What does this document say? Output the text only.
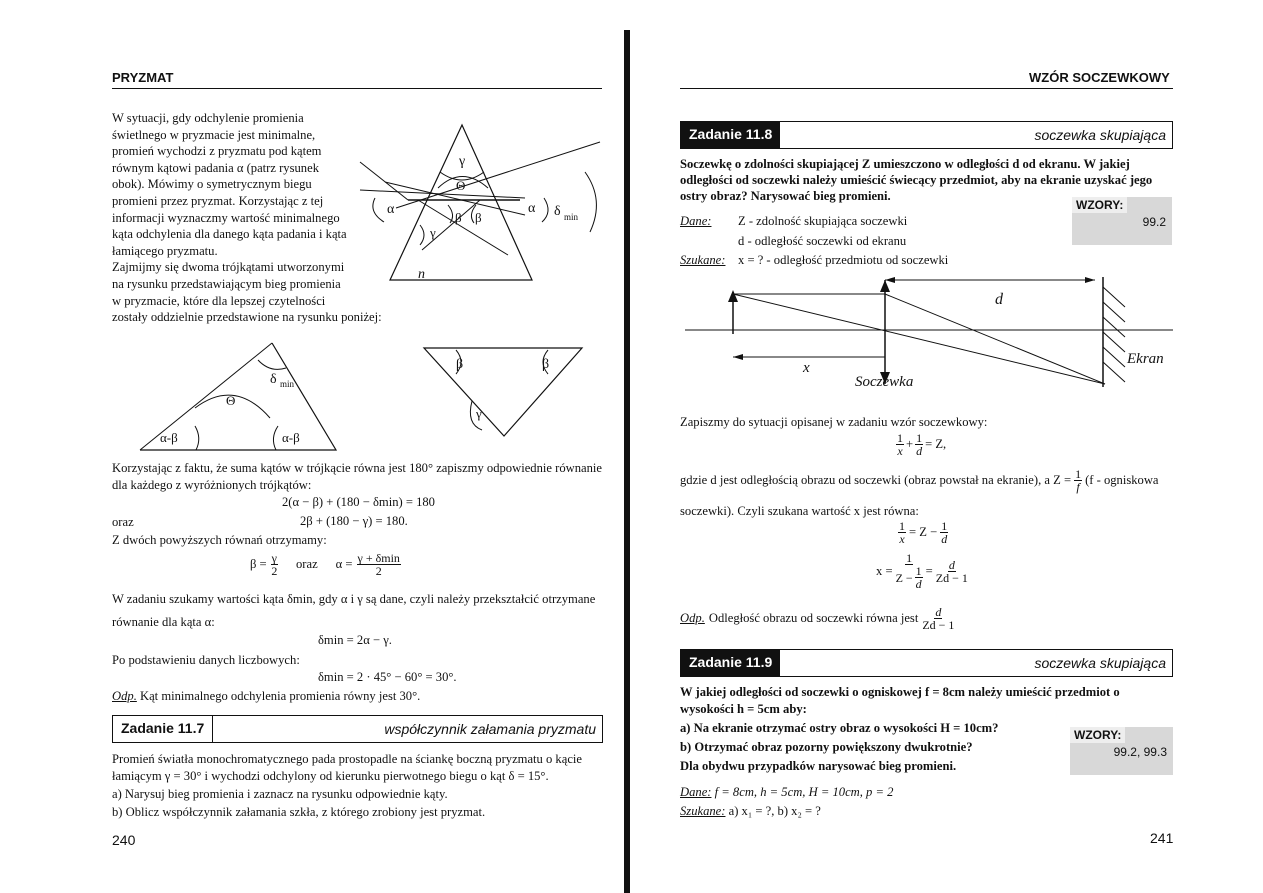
PRYZMAT
W sytuacji, gdy odchylenie promienia
świetlnego w pryzmacie jest minimalne,
promień wychodzi z pryzmatu pod kątem
równym kątowi padania α (patrz rysunek
obok). Mówimy o symetrycznym biegu
promieni przez pryzmat. Korzystając z tej
informacji wyznaczmy wartość minimalnego
kąta odchylenia dla danego kąta padania i kąta
łamiącego pryzmatu.
Zajmijmy się dwoma trójkątami utworzonymi
na rysunku przedstawiającym bieg promienia
w pryzmacie, które dla lepszej czytelności
zostały oddzielnie przedstawione na rysunku poniżej:
γ
Θ
α	α
β β
γ
δ min
n
δ min
Θ
α-β	α-β
β	β
γ
Korzystając z faktu, że suma kątów w trójkącie równa jest 180° zapiszmy odpowiednie równanie dla każdego z wyróżnionych trójkątów:
2(α − β) + (180 − δmin) = 180
oraz	2β + (180 − γ) = 180.
Z dwóch powyższych równań otrzymamy:
$\beta = \frac{\gamma}{2}$ oraz $\alpha = \frac{\gamma + \delta\min}{2}$
W zadaniu szukamy wartości kąta δmin, gdy α i γ są dane, czyli należy przekształcić otrzymane
równanie dla kąta α:
δmin = 2α − γ.
Po podstawieniu danych liczbowych:
δmin = 2 · 45° − 60° = 30°.
Odp. Kąt minimalnego odchylenia promienia równy jest 30°.
Zadanie 11.7	współczynnik załamania pryzmatu
Promień światła monochromatycznego pada prostopadle na ściankę boczną pryzmatu o kącie
łamiącym γ = 30° i wychodzi odchylony od kierunku pierwotnego biegu o kąt δ = 15°.
a) Narysuj bieg promienia i zaznacz na rysunku odpowiednie kąty.
b) Oblicz współczynnik załamania szkła, z którego zrobiony jest pryzmat.
240
WZÓR SOCZEWKOWY
Zadanie 11.8	soczewka skupiająca
Soczewkę o zdolności skupiającej Z umieszczono w odległości d od ekranu. W jakiej
odległości od soczewki należy umieścić świecący przedmiot, aby na ekranie uzyskać jego
ostry obraz? Narysować bieg promieni.
WZORY:
99.2
Dane: Z - zdolność skupiająca soczewki
d - odległość soczewki od ekranu
Szukane: x = ? - odległość przedmiotu od soczewki
d
x
Soczewka
Ekran
Zapiszmy do sytuacji opisanej w zadaniu wzór soczewkowy:
$\frac{1}{x} + \frac{1}{d} = Z$,
gdzie d jest odległością obrazu od soczewki (obraz powstał na ekranie), a $Z = \frac{1}{f} (f$ - ogniskowa
soczewki). Czyli szukana wartość x jest równa:
$\frac{1}{x} = Z - \frac{1}{d}$
$x = \frac{1}{Z - \frac{1}{d}} = \frac{d}{Zd - 1}$
Odp. Odległość obrazu od soczewki równa jest $\frac{d}{Zd - 1}$
Zadanie 11.9	soczewka skupiająca
W jakiej odległości od soczewki o ogniskowej f = 8cm należy umieścić przedmiot o
wysokości h = 5cm aby:
a) Na ekranie otrzymać ostry obraz o wysokości H = 10cm?
b) Otrzymać obraz pozorny powiększony dwukrotnie?
Dla obydwu przypadków narysować bieg promieni.
WZORY:
99.2, 99.3
Dane: f = 8cm, h = 5cm, H = 10cm, p = 2
Szukane: a) x₁ = ?, b) x₂ = ?
241
